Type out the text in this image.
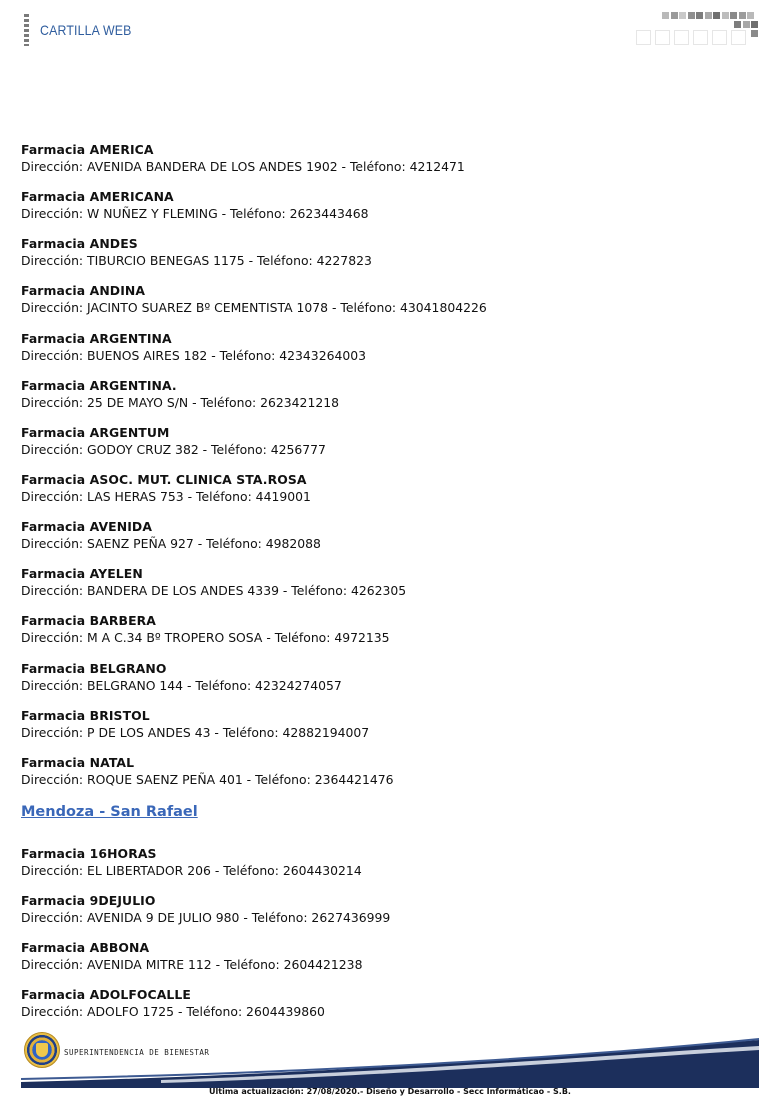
CARTILLA WEB
Farmacia AMERICA
Dirección: AVENIDA BANDERA DE LOS ANDES 1902 - Teléfono: 4212471
Farmacia AMERICANA
Dirección: W NUÑEZ Y FLEMING - Teléfono: 2623443468
Farmacia ANDES
Dirección: TIBURCIO BENEGAS 1175 - Teléfono: 4227823
Farmacia ANDINA
Dirección: JACINTO SUAREZ Bº CEMENTISTA 1078 - Teléfono: 43041804226
Farmacia ARGENTINA
Dirección: BUENOS AIRES 182 - Teléfono: 42343264003
Farmacia ARGENTINA.
Dirección: 25 DE MAYO S/N - Teléfono: 2623421218
Farmacia ARGENTUM
Dirección: GODOY CRUZ 382 - Teléfono: 4256777
Farmacia ASOC. MUT. CLINICA STA.ROSA
Dirección: LAS HERAS 753 - Teléfono: 4419001
Farmacia AVENIDA
Dirección: SAENZ PEÑA 927 - Teléfono: 4982088
Farmacia AYELEN
Dirección: BANDERA DE LOS ANDES 4339 - Teléfono: 4262305
Farmacia BARBERA
Dirección: M A C.34 Bº TROPERO SOSA - Teléfono: 4972135
Farmacia BELGRANO
Dirección: BELGRANO 144 - Teléfono: 42324274057
Farmacia BRISTOL
Dirección: P DE LOS ANDES 43 - Teléfono: 42882194007
Farmacia NATAL
Dirección: ROQUE SAENZ PEÑA 401 - Teléfono: 2364421476
Mendoza - San Rafael
Farmacia 16HORAS
Dirección: EL LIBERTADOR 206 - Teléfono: 2604430214
Farmacia 9DEJULIO
Dirección: AVENIDA 9 DE JULIO 980 - Teléfono: 2627436999
Farmacia ABBONA
Dirección: AVENIDA MITRE 112 - Teléfono: 2604421238
Farmacia ADOLFOCALLE
Dirección: ADOLFO 1725 - Teléfono: 2604439860
SUPERINTENDENCIA DE BIENESTAR
Ultima actualización: 27/08/2020.- Diseño y Desarrollo - Secc Informáticao - S.B.
